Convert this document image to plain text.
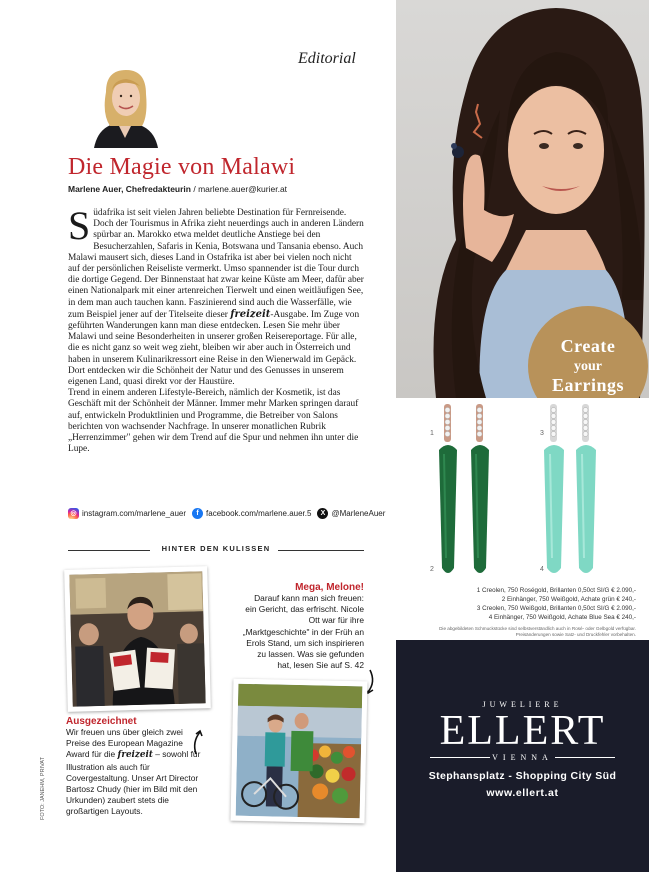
Editorial
Die Magie von Malawi
Marlene Auer, Chefredakteurin / marlene.auer@kurier.at

Südafrika ist seit vielen Jahren beliebte Destination für Fernreisende. Doch der Tourismus in Afrika zieht neuerdings auch in anderen Ländern spürbar an. Marokko etwa meldet deutliche Anstiege bei den Besucherzahlen, Safaris in Kenia, Botswana und Tansania ebenso. Auch Malawi mausert sich, dieses Land in Ostafrika ist aber bei vielen noch nicht auf der persönlichen Reiseliste vermerkt. Umso spannender ist die Tour durch die dortige Gegend. Der Binnenstaat hat zwar keine Küste am Meer, dafür aber einen Nationalpark mit einer artenreichen Tierwelt und einen weitläufigen See, in dem man auch tauchen kann. Faszinierend sind auch die Wasserfälle, wie zum Beispiel jener auf der Titelseite dieser freizeit-Ausgabe. Im Zuge von geführten Wanderungen kann man diese entdecken. Lesen Sie mehr über Malawi und seine Besonderheiten in unserer großen Reisereportage. Für alle, die es nicht ganz so weit weg zieht, bleiben wir aber auch in Österreich und haben in unserem Kulinarikressort eine Reise in den Wienerwald im Gepäck. Dort entdecken wir die Schönheit der Natur und des Genusses in unserem eigenen Land, quasi direkt vor der Haustüre.

Trend in einem anderen Lifestyle-Bereich, nämlich der Kosmetik, ist das Geschäft mit der Schönheit der Männer. Immer mehr Marken springen darauf auf, entwickeln Produktlinien und Programme, die Betreiber von Salons berichten von wachsender Nachfrage. In unserer monatlichen Rubrik „Herrenzimmer" gehen wir dem Trend auf die Spur und nehmen ihn unter die Lupe.

◎ instagram.com/marlene_auer	f facebook.com/marlene.auer.5	X @MarleneAuer
HINTER DEN KULISSEN
Mega, Melone!
Darauf kann man sich freuen: ein Gericht, das erfrischt. Nicole Ott war für ihre „Marktgeschichte" in der Früh an Erols Stand, um sich inspirieren zu lassen. Was sie gefunden hat, lesen Sie auf S. 42
Ausgezeichnet
Wir freuen uns über gleich zwei Preise des European Magazine Award für die freizeit – sowohl für Illustration als auch für Covergestaltung. Unser Art Director Bartosz Chudy (hier im Bild mit den Urkunden) zaubert stets die großartigen Layouts.
FOTO: JANEHM, PRIVAT
Create
your
Earrings
1
2
3
4
1 Creolen, 750 Roségold, Brillanten 0,50ct SI/G € 2.090,-
2 Einhänger, 750 Weißgold, Achate grün € 240,-
3 Creolen, 750 Weißgold, Brillanten 0,50ct SI/G € 2.090,-
4 Einhänger, 750 Weißgold, Achate Blue Sea € 240,-
Die abgebildeten Schmuckstücke sind selbstverständlich auch in Rosé- oder Gelbgold verfügbar. Preisänderungen sowie Satz- und Druckfehler vorbehalten.
JUWELIERE
ELLERT
VIENNA
Stephansplatz - Shopping City Süd
www.ellert.at
